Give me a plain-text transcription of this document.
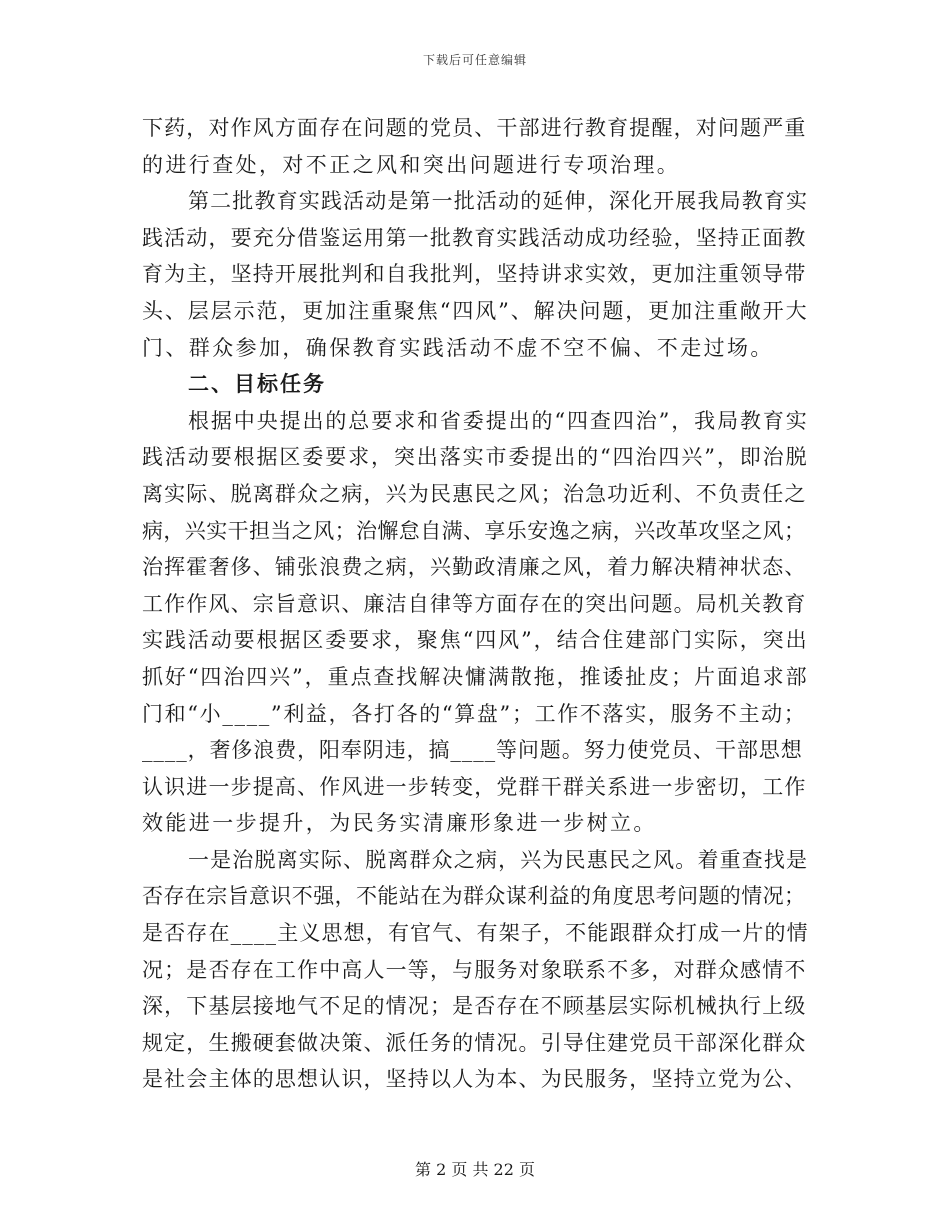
下载后可任意编辑
下药，对作风方面存在问题的党员、干部进行教育提醒，对问题严重
的进行查处，对不正之风和突出问题进行专项治理。
第二批教育实践活动是第一批活动的延伸，深化开展我局教育实
践活动，要充分借鉴运用第一批教育实践活动成功经验，坚持正面教
育为主，坚持开展批判和自我批判，坚持讲求实效，更加注重领导带
头、层层示范，更加注重聚焦“四风”、解决问题，更加注重敞开大
门、群众参加，确保教育实践活动不虚不空不偏、不走过场。
二、目标任务
根据中央提出的总要求和省委提出的“四查四治”，我局教育实
践活动要根据区委要求，突出落实市委提出的“四治四兴”，即治脱
离实际、脱离群众之病，兴为民惠民之风；治急功近利、不负责任之
病，兴实干担当之风；治懈怠自满、享乐安逸之病，兴改革攻坚之风；
治挥霍奢侈、铺张浪费之病，兴勤政清廉之风，着力解决精神状态、
工作作风、宗旨意识、廉洁自律等方面存在的突出问题。局机关教育
实践活动要根据区委要求，聚焦“四风”，结合住建部门实际，突出
抓好“四治四兴”，重点查找解决慵满散拖，推诿扯皮；片面追求部
门和“小____”利益，各打各的“算盘”；工作不落实，服务不主动；
____，奢侈浪费，阳奉阴违，搞____等问题。努力使党员、干部思想
认识进一步提高、作风进一步转变，党群干群关系进一步密切，工作
效能进一步提升，为民务实清廉形象进一步树立。
一是治脱离实际、脱离群众之病，兴为民惠民之风。着重查找是
否存在宗旨意识不强，不能站在为群众谋利益的角度思考问题的情况；
是否存在____主义思想，有官气、有架子，不能跟群众打成一片的情
况；是否存在工作中高人一等，与服务对象联系不多，对群众感情不
深，下基层接地气不足的情况；是否存在不顾基层实际机械执行上级
规定，生搬硬套做决策、派任务的情况。引导住建党员干部深化群众
是社会主体的思想认识，坚持以人为本、为民服务，坚持立党为公、
第 2 页 共 22 页
